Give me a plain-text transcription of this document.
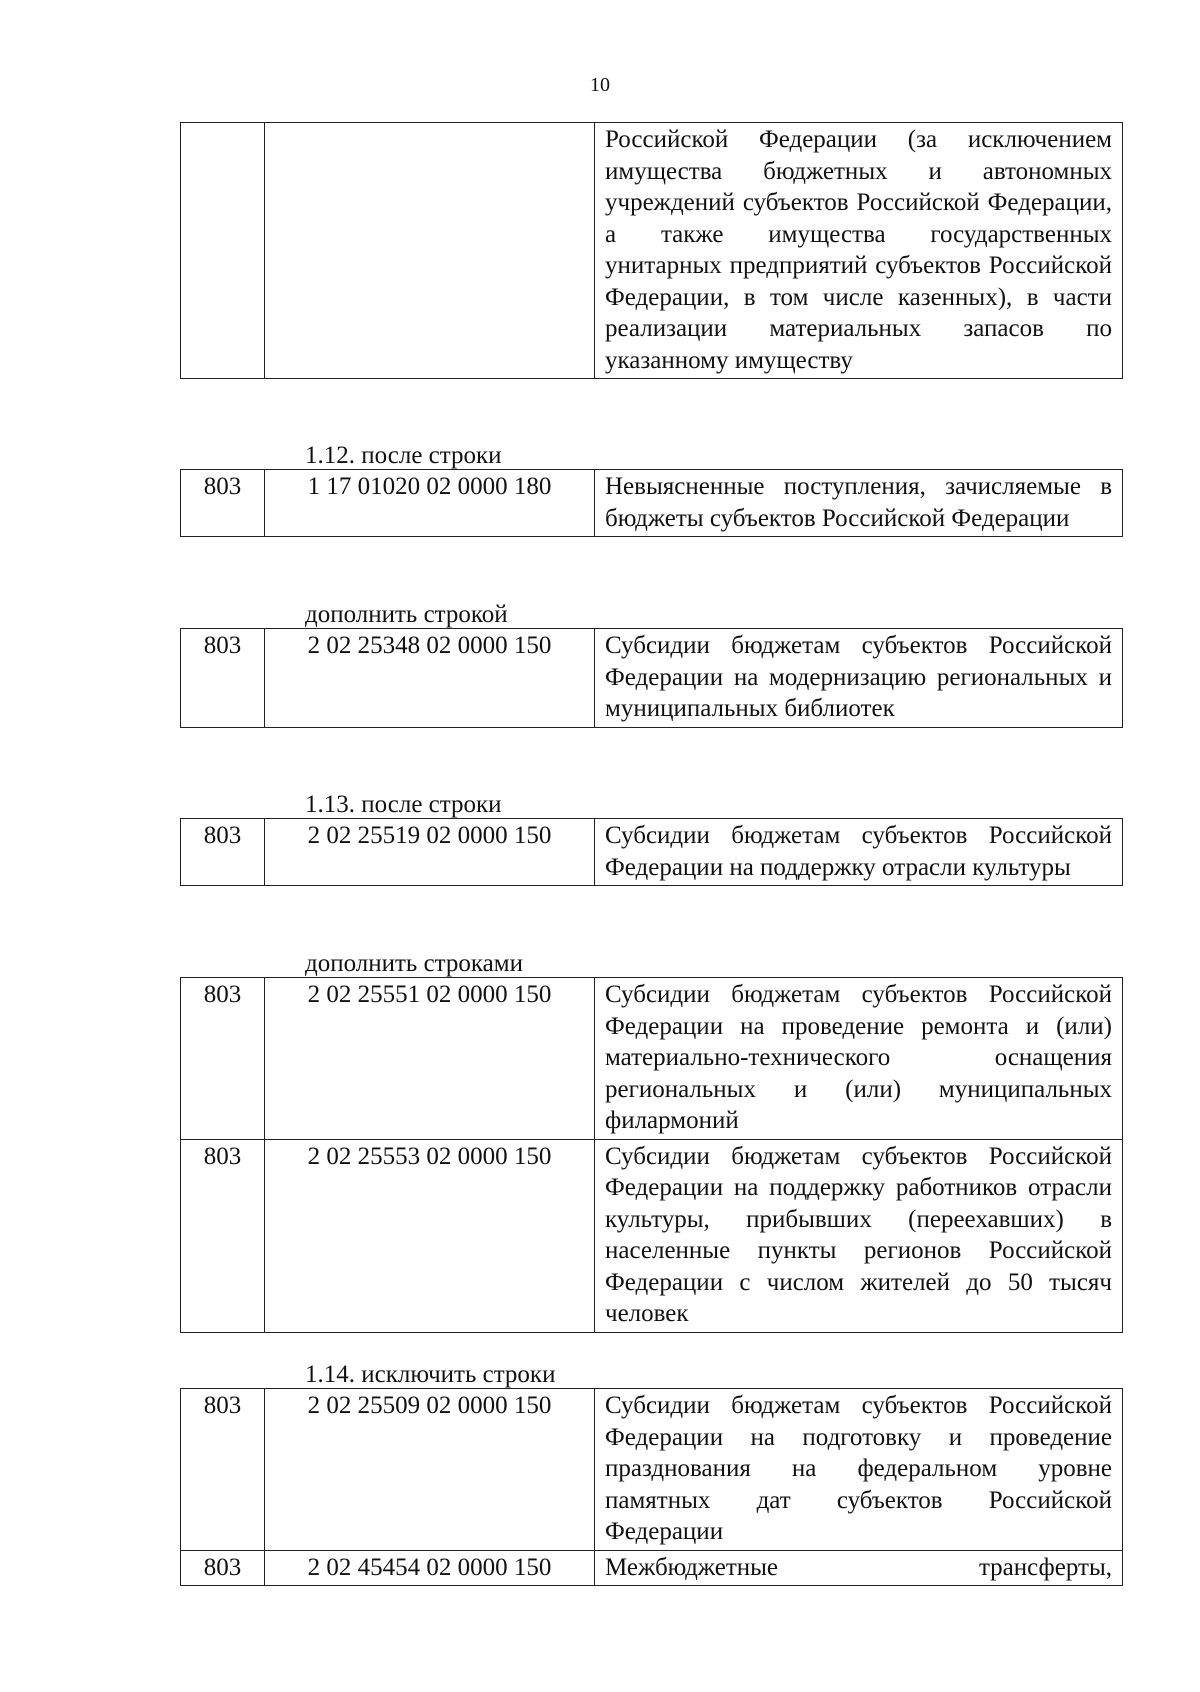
10
		Российской Федерации (за исключением имущества бюджетных и автономных учреждений субъектов Российской Федерации, а также имущества государственных унитарных предприятий субъектов Российской Федерации, в том числе казенных), в части реализации материальных запасов по указанному имуществу
1.12. после строки
803	1 17 01020 02 0000 180	Невыясненные поступления, зачисляемые в бюджеты субъектов Российской Федерации
дополнить строкой
803	2 02 25348 02 0000 150	Субсидии бюджетам субъектов Российской Федерации на модернизацию региональных и муниципальных библиотек
1.13. после строки
803	2 02 25519 02 0000 150	Субсидии бюджетам субъектов Российской Федерации на поддержку отрасли культуры
дополнить строками
803	2 02 25551 02 0000 150	Субсидии бюджетам субъектов Российской Федерации на проведение ремонта и (или) материально-технического оснащения региональных и (или) муниципальных филармоний
803	2 02 25553 02 0000 150	Субсидии бюджетам субъектов Российской Федерации на поддержку работников отрасли культуры, прибывших (переехавших) в населенные пункты регионов Российской Федерации с числом жителей до 50 тысяч человек
1.14. исключить строки
803	2 02 25509 02 0000 150	Субсидии бюджетам субъектов Российской Федерации на подготовку и проведение празднования на федеральном уровне памятных дат субъектов Российской Федерации
803	2 02 45454 02 0000 150	Межбюджетные трансферты,
